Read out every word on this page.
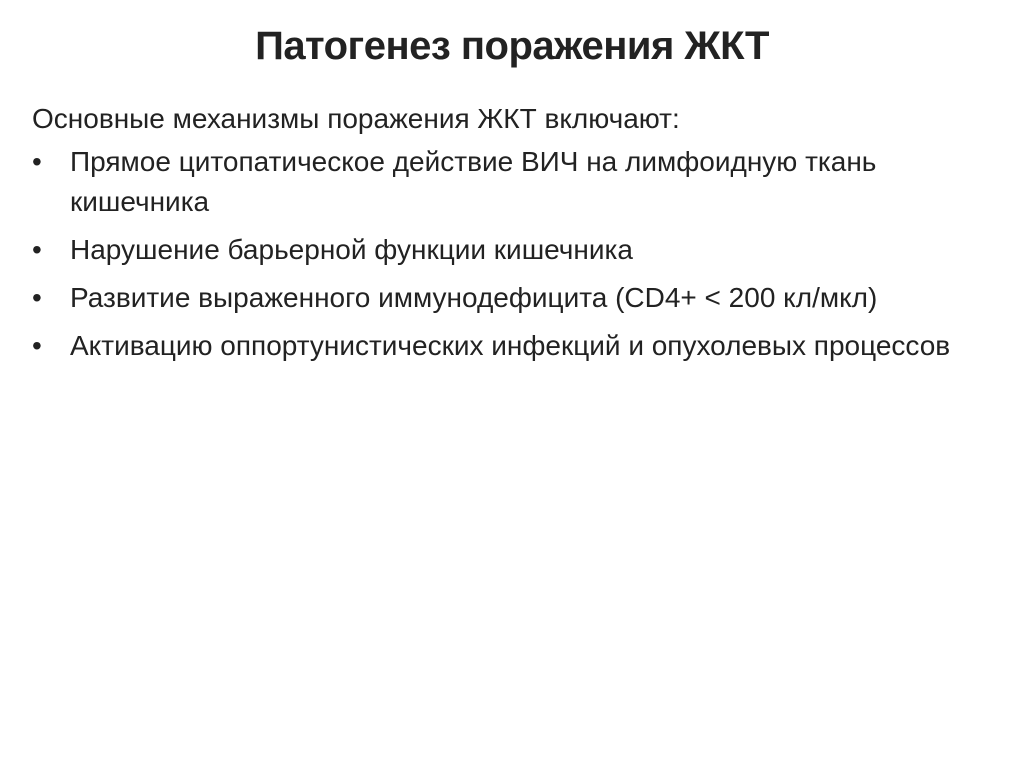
Патогенез поражения ЖКТ

Основные механизмы поражения ЖКТ включают:

•	Прямое цитопатическое действие ВИЧ на лимфоидную ткань кишечника
•	Нарушение барьерной функции кишечника
•	Развитие выраженного иммунодефицита (CD4+ < 200 кл/мкл)
•	Активацию оппортунистических инфекций и опухолевых процессов
